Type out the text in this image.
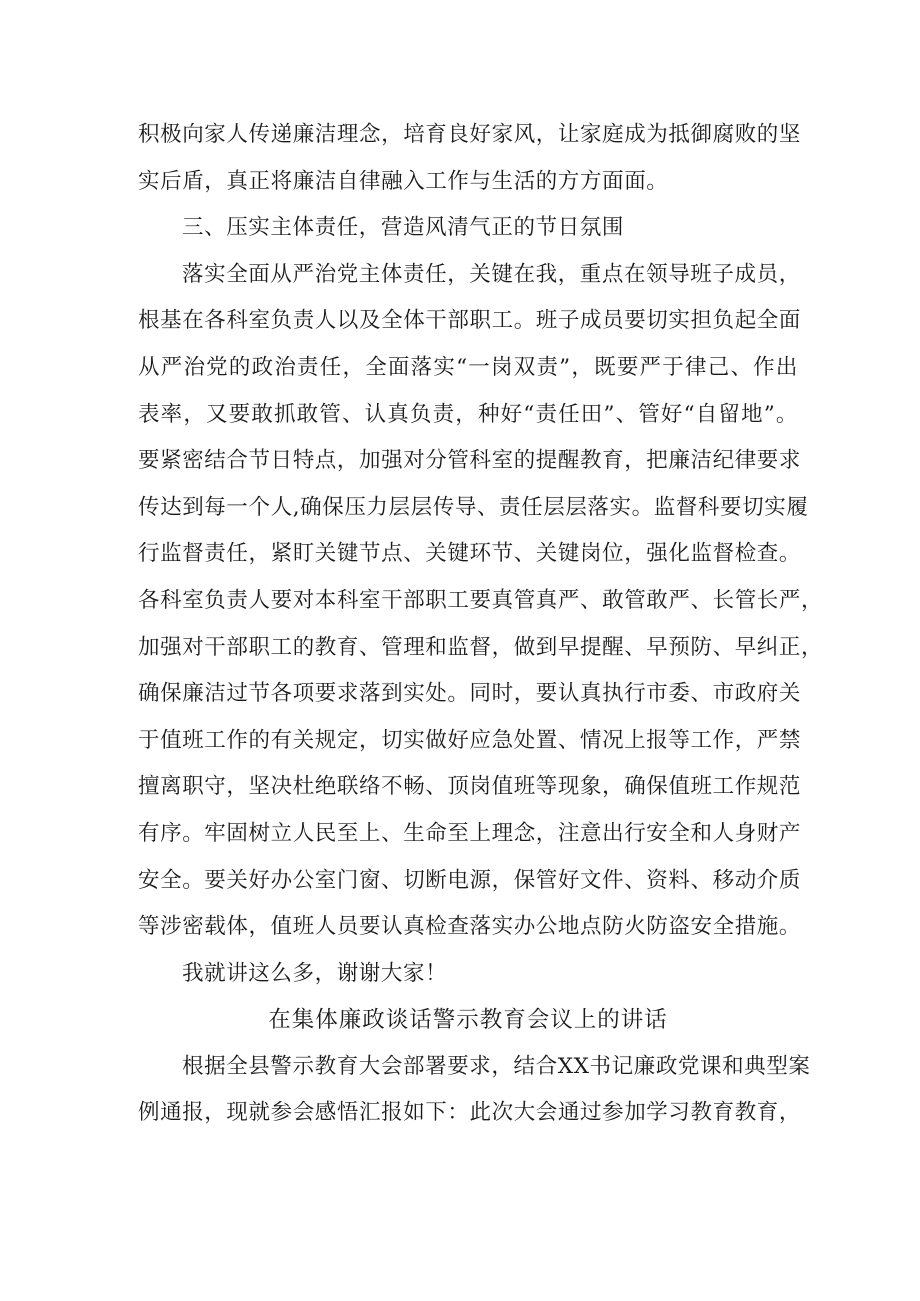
积极向家人传递廉洁理念，培育良好家风，让家庭成为抵御腐败的坚
实后盾，真正将廉洁自律融入工作与生活的方方面面。
三、压实主体责任，营造风清气正的节日氛围
落实全面从严治党主体责任，关键在我，重点在领导班子成员，
根基在各科室负责人以及全体干部职工。班子成员要切实担负起全面
从严治党的政治责任，全面落实“一岗双责”，既要严于律己、作出
表率，又要敢抓敢管、认真负责，种好“责任田”、管好“自留地”。
要紧密结合节日特点，加强对分管科室的提醒教育，把廉洁纪律要求
传达到每一个人,确保压力层层传导、责任层层落实。监督科要切实履
行监督责任，紧盯关键节点、关键环节、关键岗位，强化监督检查。
各科室负责人要对本科室干部职工要真管真严、敢管敢严、长管长严，
加强对干部职工的教育、管理和监督，做到早提醒、早预防、早纠正，
确保廉洁过节各项要求落到实处。同时，要认真执行市委、市政府关
于值班工作的有关规定，切实做好应急处置、情况上报等工作，严禁
擅离职守，坚决杜绝联络不畅、顶岗值班等现象，确保值班工作规范
有序。牢固树立人民至上、生命至上理念，注意出行安全和人身财产
安全。要关好办公室门窗、切断电源，保管好文件、资料、移动介质
等涉密载体，值班人员要认真检查落实办公地点防火防盗安全措施。
我就讲这么多，谢谢大家！
在集体廉政谈话警示教育会议上的讲话
根据全县警示教育大会部署要求，结合XX书记廉政党课和典型案
例通报，现就参会感悟汇报如下：此次大会通过参加学习教育教育，
